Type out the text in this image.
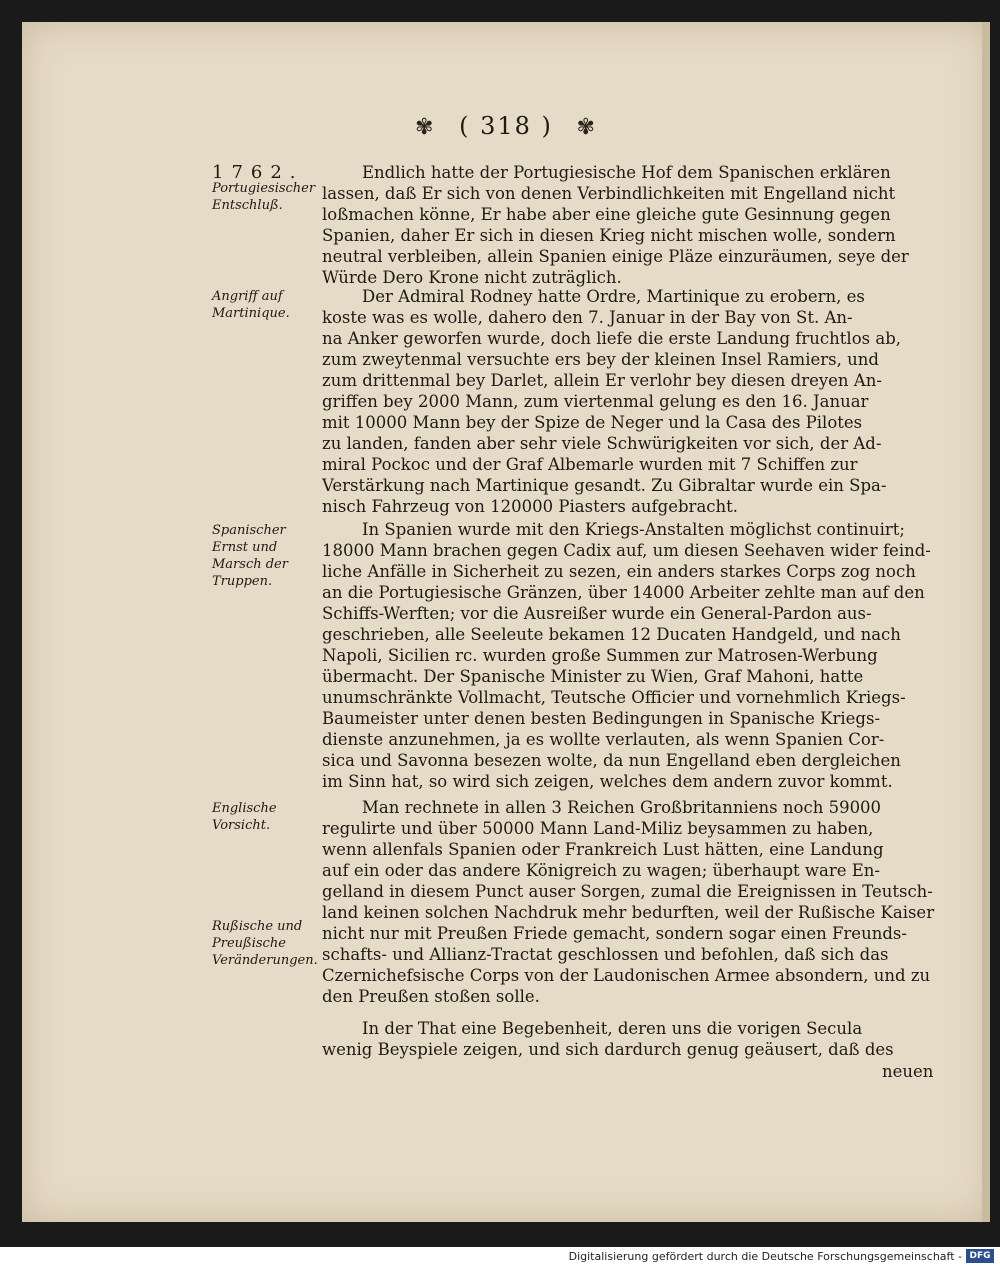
✾ ( 318 ) ✾
1762.
Portugiesischer Entschluß.
Endlich hatte der Portugiesische Hof dem Spanischen erklären
lassen, daß Er sich von denen Verbindlichkeiten mit Engelland nicht
loßmachen könne, Er habe aber eine gleiche gute Gesinnung gegen
Spanien, daher Er sich in diesen Krieg nicht mischen wolle, sondern
neutral verbleiben, allein Spanien einige Pläze einzuräumen, seye der
Würde Dero Krone nicht zuträglich.
Angriff auf Martinique.
Der Admiral Rodney hatte Ordre, Martinique zu erobern, es
koste was es wolle, dahero den 7. Januar in der Bay von St. An-
na Anker geworfen wurde, doch liefe die erste Landung fruchtlos ab,
zum zweytenmal versuchte ers bey der kleinen Insel Ramiers, und
zum drittenmal bey Darlet, allein Er verlohr bey diesen dreyen An-
griffen bey 2000 Mann, zum viertenmal gelung es den 16. Januar
mit 10000 Mann bey der Spize de Neger und la Casa des Pilotes
zu landen, fanden aber sehr viele Schwürigkeiten vor sich, der Ad-
miral Pockoc und der Graf Albemarle wurden mit 7 Schiffen zur
Verstärkung nach Martinique gesandt. Zu Gibraltar wurde ein Spa-
nisch Fahrzeug von 120000 Piasters aufgebracht.
Spanischer Ernst und Marsch der Truppen.
In Spanien wurde mit den Kriegs-Anstalten möglichst continuirt;
18000 Mann brachen gegen Cadix auf, um diesen Seehaven wider feind-
liche Anfälle in Sicherheit zu sezen, ein anders starkes Corps zog noch
an die Portugiesische Gränzen, über 14000 Arbeiter zehlte man auf den
Schiffs-Werften; vor die Ausreißer wurde ein General-Pardon aus-
geschrieben, alle Seeleute bekamen 12 Ducaten Handgeld, und nach
Napoli, Sicilien rc. wurden große Summen zur Matrosen-Werbung
übermacht. Der Spanische Minister zu Wien, Graf Mahoni, hatte
unumschränkte Vollmacht, Teutsche Officier und vornehmlich Kriegs-
Baumeister unter denen besten Bedingungen in Spanische Kriegs-
dienste anzunehmen, ja es wollte verlauten, als wenn Spanien Cor-
sica und Savonna besezen wolte, da nun Engelland eben dergleichen
im Sinn hat, so wird sich zeigen, welches dem andern zuvor kommt.
Englische Vorsicht.
Rußische und Preußische Veränderungen.
Man rechnete in allen 3 Reichen Großbritanniens noch 59000
regulirte und über 50000 Mann Land-Miliz beysammen zu haben,
wenn allenfals Spanien oder Frankreich Lust hätten, eine Landung
auf ein oder das andere Königreich zu wagen; überhaupt ware En-
gelland in diesem Punct auser Sorgen, zumal die Ereignissen in Teutsch-
land keinen solchen Nachdruk mehr bedurften, weil der Rußische Kaiser
nicht nur mit Preußen Friede gemacht, sondern sogar einen Freunds-
schafts- und Allianz-Tractat geschlossen und befohlen, daß sich das
Czernichefsische Corps von der Laudonischen Armee absondern, und zu
den Preußen stoßen solle.
In der That eine Begebenheit, deren uns die vorigen Secula
wenig Beyspiele zeigen, und sich dardurch genug geäusert, daß des
neuen
Digitalisierung gefördert durch die Deutsche Forschungsgemeinschaft - DFG
